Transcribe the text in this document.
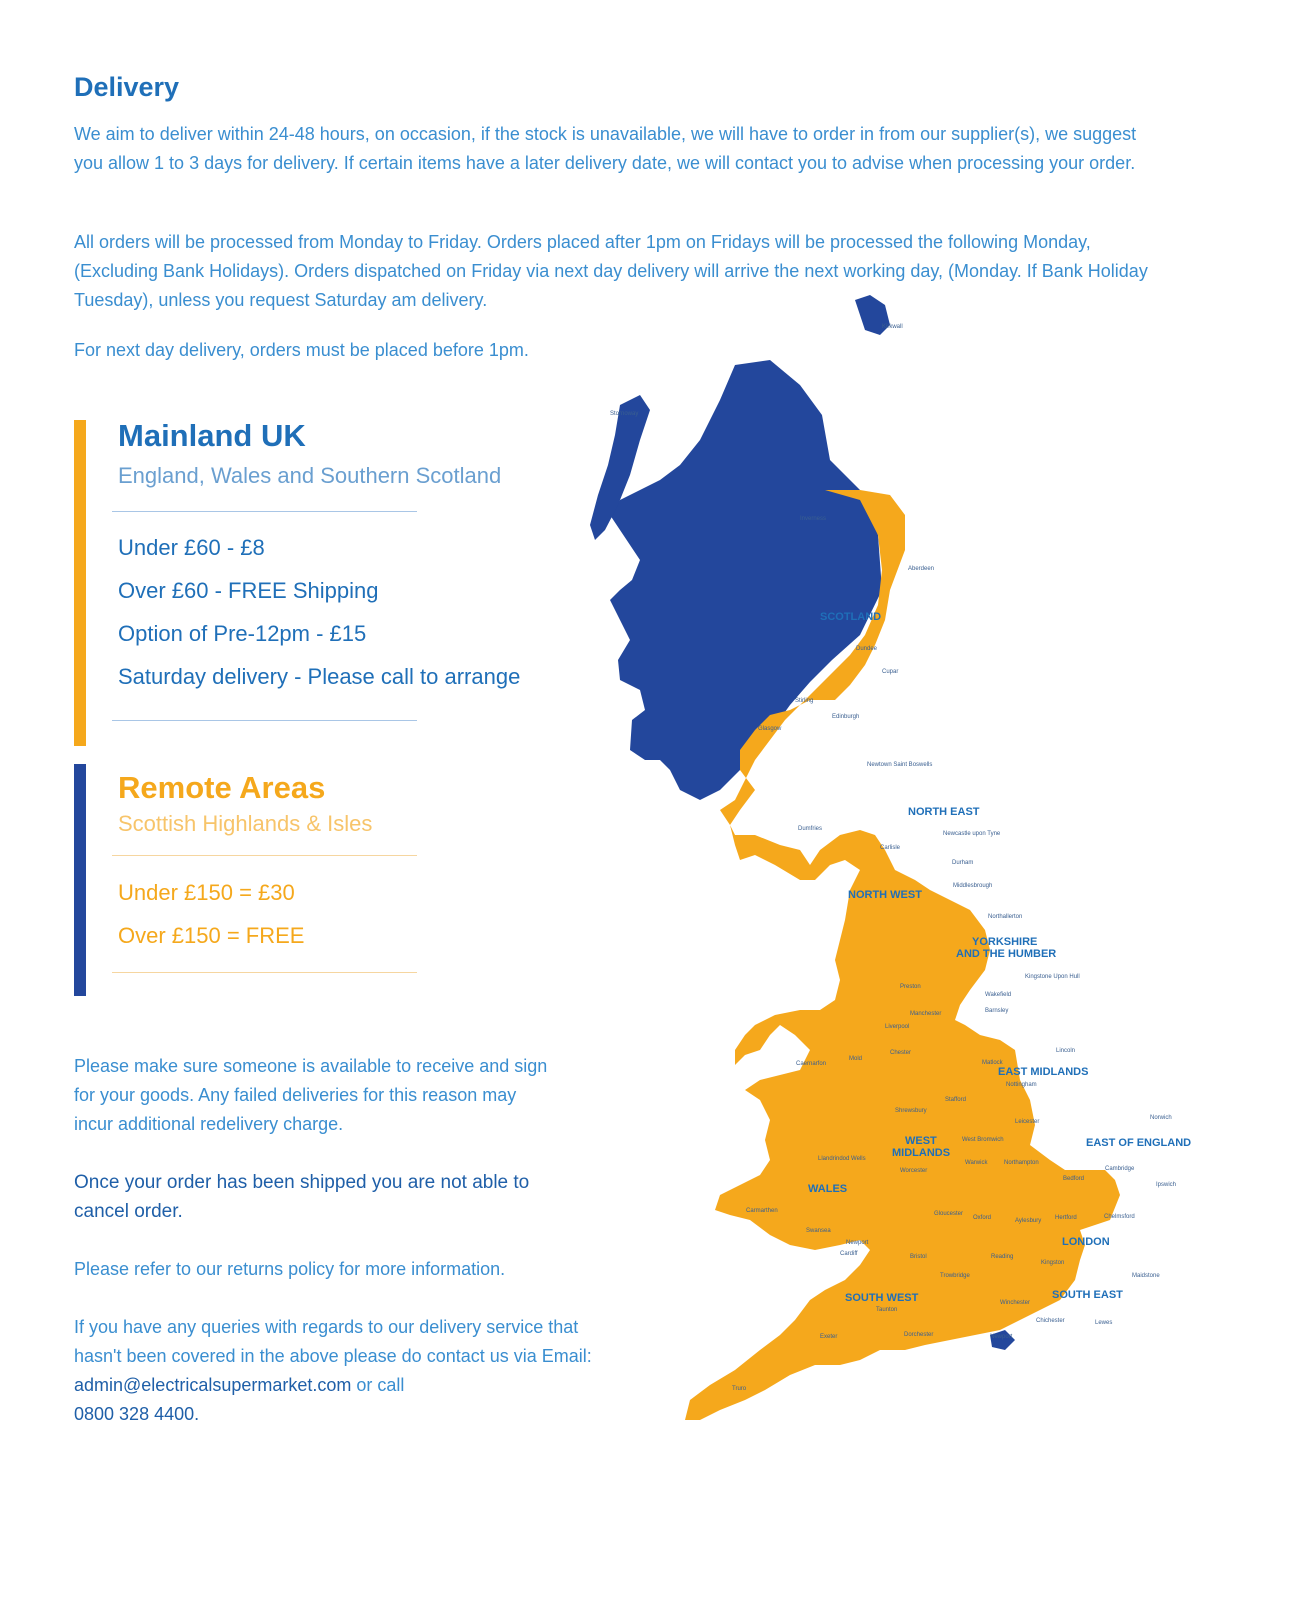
Delivery

We aim to deliver within 24-48 hours, on occasion, if the stock is unavailable, we will have to order in from our supplier(s), we suggest you allow 1 to 3 days for delivery. If certain items have a later delivery date, we will contact you to advise when processing your order.

All orders will be processed from Monday to Friday. Orders placed after 1pm on Fridays will be processed the following Monday, (Excluding Bank Holidays). Orders dispatched on Friday via next day delivery will arrive the next working day, (Monday. If Bank Holiday Tuesday), unless you request Saturday am delivery.

For next day delivery, orders must be placed before 1pm.

Mainland UK

England, Wales and Southern Scotland

Under £60 - £8

Over £60 - FREE Shipping

Option of Pre-12pm - £15

Saturday delivery - Please call to arrange

Remote Areas

Scottish Highlands & Isles

Under £150 = £30

Over £150 = FREE

Please make sure someone is available to receive and sign for your goods. Any failed deliveries for this reason may incur additional redelivery charge.

Once your order has been shipped you are not able to cancel order.

Please refer to our returns policy for more information.

If you have any queries with regards to our delivery service that hasn't been covered in the above please do contact us via Email: admin@electricalsupermarket.com or call
0800 328 4400.

SCOTLAND
NORTH EAST
NORTH WEST
YORKSHIRE
AND THE HUMBER
EAST MIDLANDS
WEST
MIDLANDS
EAST OF ENGLAND
WALES
LONDON
SOUTH EAST
SOUTH WEST
Kirkwall
Stornoway
Inverness
Aberdeen
Dundee
Cupar
Stirling
Edinburgh
Glasgow
Newtown Saint Boswells
Dumfries
Carlisle
Newcastle upon Tyne
Durham
Middlesbrough
Northallerton
Kingstone Upon Hull
Preston
Wakefield
Barnsley
Manchester
Liverpool
Lincoln
Mold
Chester
Caernarfon	Matlock
Nottingham
Stafford
Shrewsbury
Leicester
West Bromwich
Warwick
Worcester
Northampton
Norwich
Cambridge
Bedford
Ipswich
Llandrindod Wells
Carmarthen
Swansea
Newport
Cardiff
Gloucester
Oxford	Aylesbury Hertford	Chelmsford
Reading
Kingston
Maidstone
Bristol
Trowbridge
Taunton
Winchester
Chichester	Lewes
Newport
Dorchester
Exeter
Truro
